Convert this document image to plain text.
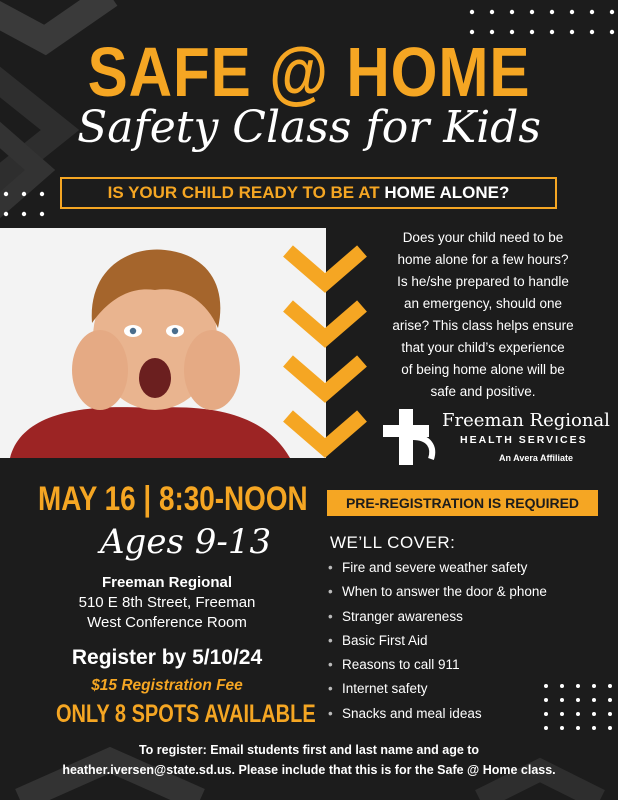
SAFE @ HOME
Safety Class for Kids
IS YOUR CHILD READY TO BE AT HOME ALONE?
Does your child need to be
home alone for a few hours?
Is he/she prepared to handle
an emergency, should one
arise? This class helps ensure
that your child’s experience
of being home alone will be
safe and positive.
Freeman Regional
HEALTH SERVICES
An Avera Affiliate
MAY 16 | 8:30-NOON
Ages 9-13
Freeman Regional
510 E 8th Street, Freeman
West Conference Room
Register by 5/10/24
$15 Registration Fee
ONLY 8 SPOTS AVAILABLE
PRE-REGISTRATION IS REQUIRED
WE’LL COVER:
• Fire and severe weather safety
• When to answer the door & phone
• Stranger awareness
• Basic First Aid
• Reasons to call 911
• Internet safety
• Snacks and meal ideas
To register: Email students first and last name and age to
heather.iversen@state.sd.us. Please include that this is for the Safe @ Home class.
